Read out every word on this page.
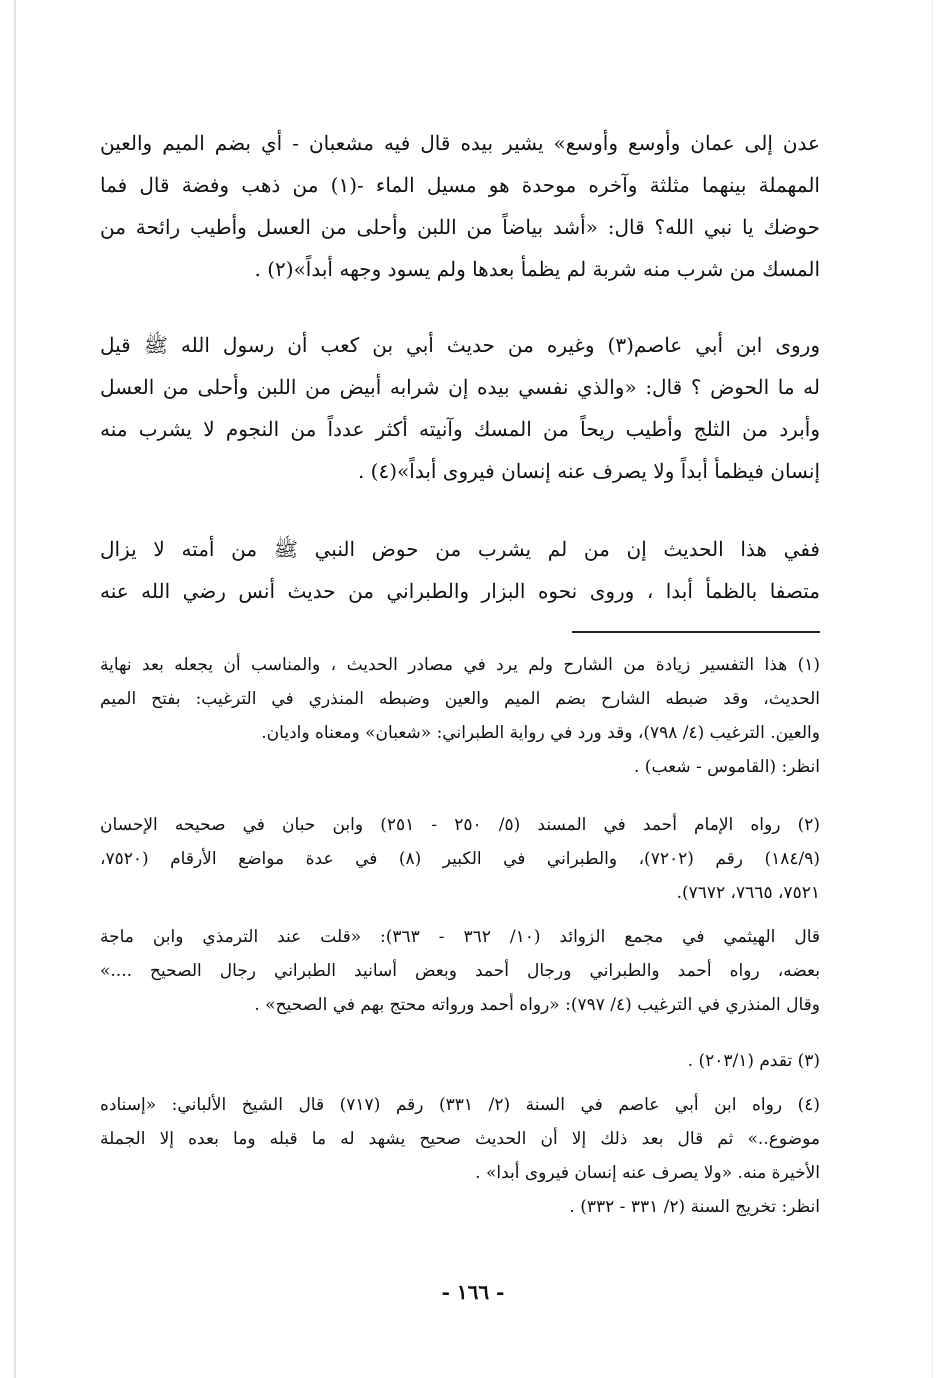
عدن إلى عمان وأوسع وأوسع» يشير بيده قال فيه مشعبان - أي بضم الميم والعين
المهملة بينهما مثلثة وآخره موحدة هو مسيل الماء -(١) من ذهب وفضة قال فما
حوضك يا نبي الله؟ قال: «أشد بياضاً من اللبن وأحلى من العسل وأطيب رائحة من
المسك من شرب منه شربة لم يظمأ بعدها ولم يسود وجهه أبداً»(٢) .
وروى ابن أبي عاصم(٣) وغيره من حديث أبي بن كعب أن رسول الله ﷺ قيل
له ما الحوض ؟ قال: «والذي نفسي بيده إن شرابه أبيض من اللبن وأحلى من العسل
وأبرد من الثلج وأطيب ريحاً من المسك وآنيته أكثر عدداً من النجوم لا يشرب منه
إنسان فيظمأ أبداً ولا يصرف عنه إنسان فيروى أبداً»(٤) .
ففي هذا الحديث إن من لم يشرب من حوض النبي ﷺ من أمته لا يزال
متصفا بالظمأ أبدا ، وروى نحوه البزار والطبراني من حديث أنس رضي الله عنه
(١) هذا التفسير زيادة من الشارح ولم يرد في مصادر الحديث ، والمناسب أن يجعله بعد نهاية
الحديث، وقد ضبطه الشارح بضم الميم والعين وضبطه المنذري في الترغيب: بفتح الميم
والعين. الترغيب (٤/ ٧٩٨)، وقد ورد في رواية الطبراني: «شعبان» ومعناه واديان.
انظر: (القاموس - شعب) .
(٢) رواه الإمام أحمد في المسند (٥/ ٢٥٠ - ٢٥١) وابن حبان في صحيحه الإحسان
(١٨٤/٩) رقم (٧٢٠٢)، والطبراني في الكبير (٨) في عدة مواضع الأرقام (٧٥٢٠،
٧٥٢١، ٧٦٦٥، ٧٦٧٢).
قال الهيثمي في مجمع الزوائد (١٠/ ٣٦٢ - ٣٦٣): «قلت عند الترمذي وابن ماجة
بعضه، رواه أحمد والطبراني ورجال أحمد وبعض أسانيد الطبراني رجال الصحيح ....»
وقال المنذري في الترغيب (٤/ ٧٩٧): «رواه أحمد ورواته محتج بهم في الصحيح» .
(٣) تقدم (٢٠٣/١) .
(٤) رواه ابن أبي عاصم في السنة (٢/ ٣٣١) رقم (٧١٧) قال الشيخ الألباني: «إسناده
موضوع..» ثم قال بعد ذلك إلا أن الحديث صحيح يشهد له ما قبله وما بعده إلا الجملة
الأخيرة منه. «ولا يصرف عنه إنسان فيروى أبدا» .
انظر: تخريج السنة (٢/ ٣٣١ - ٣٣٢) .
- ١٦٦ -
